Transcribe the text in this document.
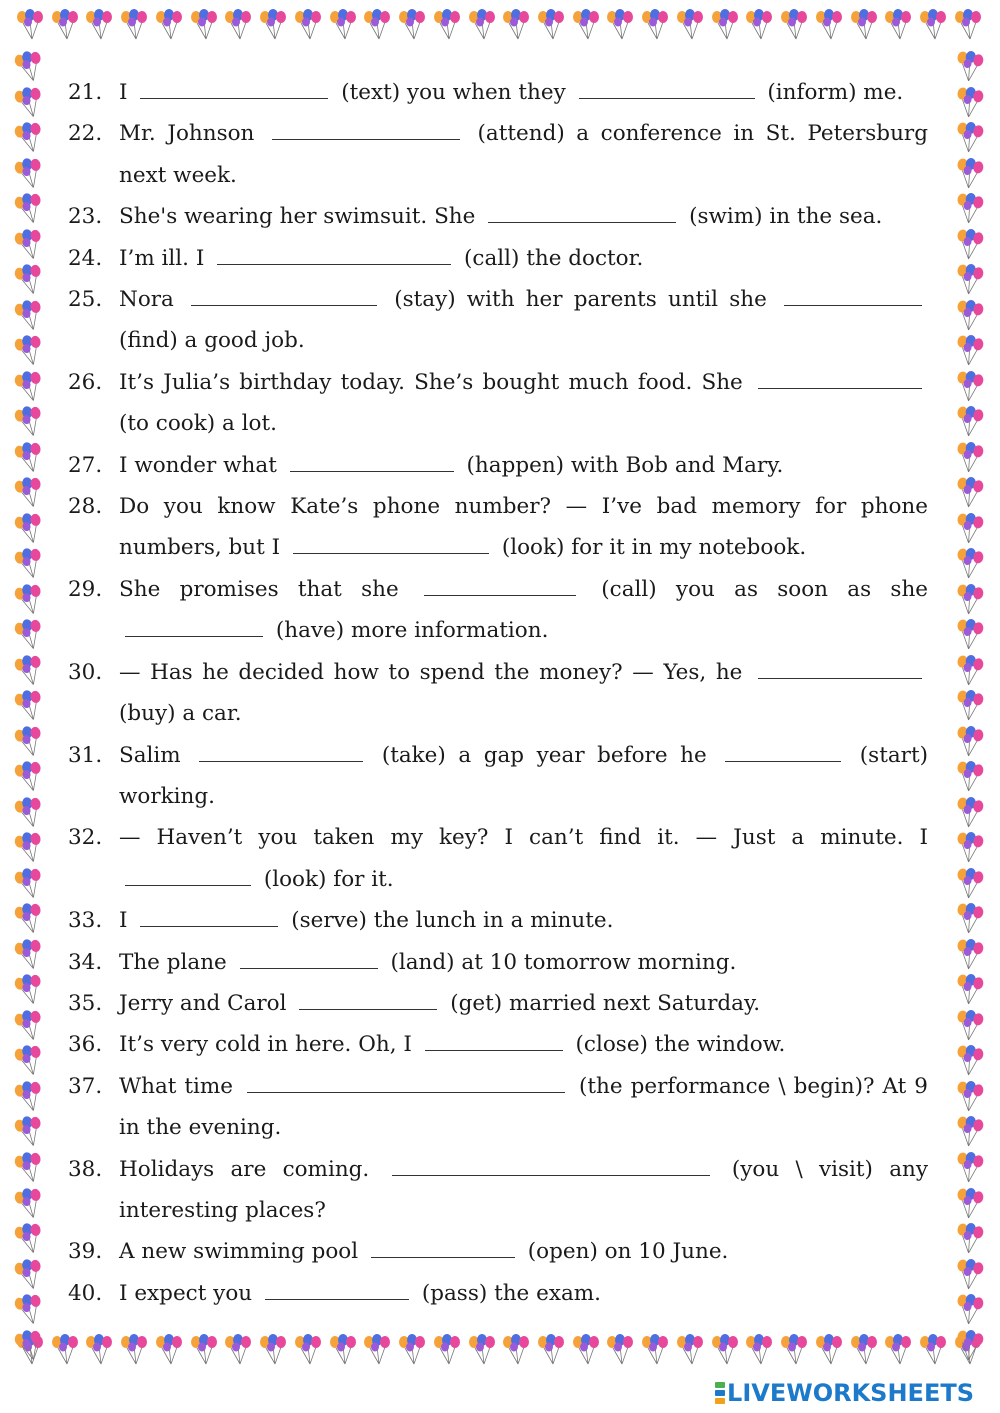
21. I	(text) you when they	(inform) me.
22. Mr. Johnson	(attend) a conference in St. Petersburg next week.
23. She's wearing her swimsuit. She	(swim) in the sea.
24. I’m ill. I	(call) the doctor.
25. Nora	(stay) with her parents until she  (find) a good job.
26. It’s Julia’s birthday today. She’s bought much food. She  (to cook) a lot.
27. I wonder what	(happen) with Bob and Mary.
28. Do you know Kate’s phone number? — I’ve bad memory for phone numbers, but I	(look) for it in my notebook.
29. She promises that she	(call) you as soon as she  (have) more information.
30. — Has he decided how to spend the money? — Yes, he  (buy) a car.
31. Salim	(take) a gap year before he	(start) working.
32. — Haven’t you taken my key? I can’t find it. — Just a minute. I  (look) for it.
33. I	(serve) the lunch in a minute.
34. The plane	(land) at 10 tomorrow morning.
35. Jerry and Carol	(get) married next Saturday.
36. It’s very cold in here. Oh, I	(close) the window.
37. What time	(the performance \ begin)? At 9 in the evening.
38. Holidays are coming.	(you \ visit) any interesting places?
39. A new swimming pool	(open) on 10 June.
40. I expect you	(pass) the exam.
LIVEWORKSHEETS
